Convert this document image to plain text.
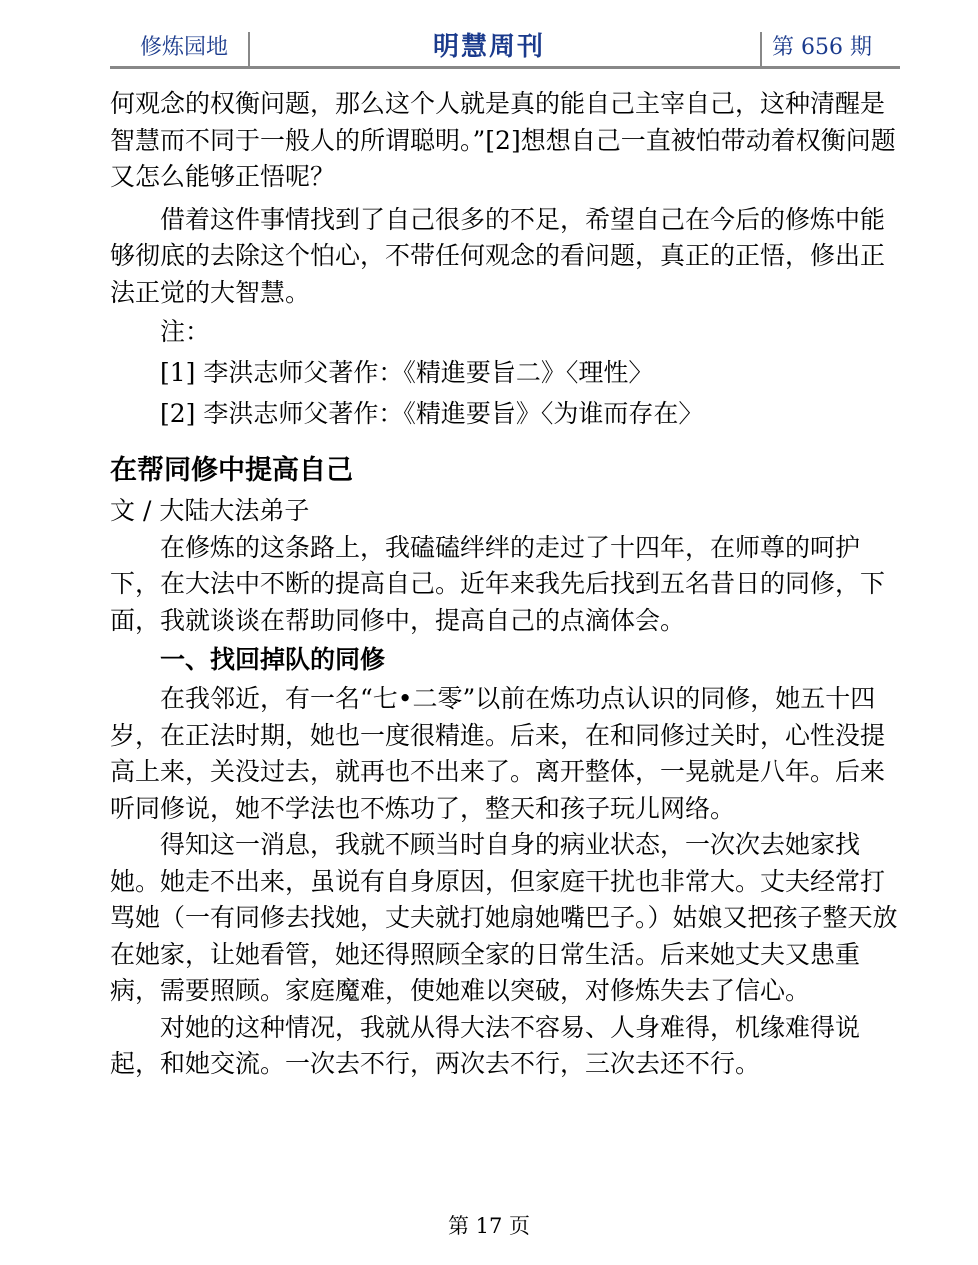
修炼园地	明慧周刊	第 656 期

何观念的权衡问题，那么这个人就是真的能自己主宰自己，这种清醒是智慧而不同于一般人的所谓聪明。”[2]想想自己一直被怕带动着权衡问题又怎么能够正悟呢？

借着这件事情找到了自己很多的不足，希望自己在今后的修炼中能够彻底的去除这个怕心，不带任何观念的看问题，真正的正悟，修出正法正觉的大智慧。

注：

[1] 李洪志师父著作：《精進要旨二》〈理性〉

[2] 李洪志师父著作：《精進要旨》〈为谁而存在〉

在帮同修中提高自己

文 / 大陆大法弟子

在修炼的这条路上，我磕磕绊绊的走过了十四年，在师尊的呵护下，在大法中不断的提高自己。近年来我先后找到五名昔日的同修，下面，我就谈谈在帮助同修中，提高自己的点滴体会。

一、找回掉队的同修

在我邻近，有一名“七•二零”以前在炼功点认识的同修，她五十四岁，在正法时期，她也一度很精進。后来，在和同修过关时，心性没提高上来，关没过去，就再也不出来了。离开整体，一晃就是八年。后来听同修说，她不学法也不炼功了，整天和孩子玩儿网络。

得知这一消息，我就不顾当时自身的病业状态，一次次去她家找她。她走不出来，虽说有自身原因，但家庭干扰也非常大。丈夫经常打骂她（一有同修去找她，丈夫就打她扇她嘴巴子。）姑娘又把孩子整天放在她家，让她看管，她还得照顾全家的日常生活。后来她丈夫又患重病，需要照顾。家庭魔难，使她难以突破，对修炼失去了信心。

对她的这种情况，我就从得大法不容易、人身难得，机缘难得说起，和她交流。一次去不行，两次去不行，三次去还不行。

第 17 页
